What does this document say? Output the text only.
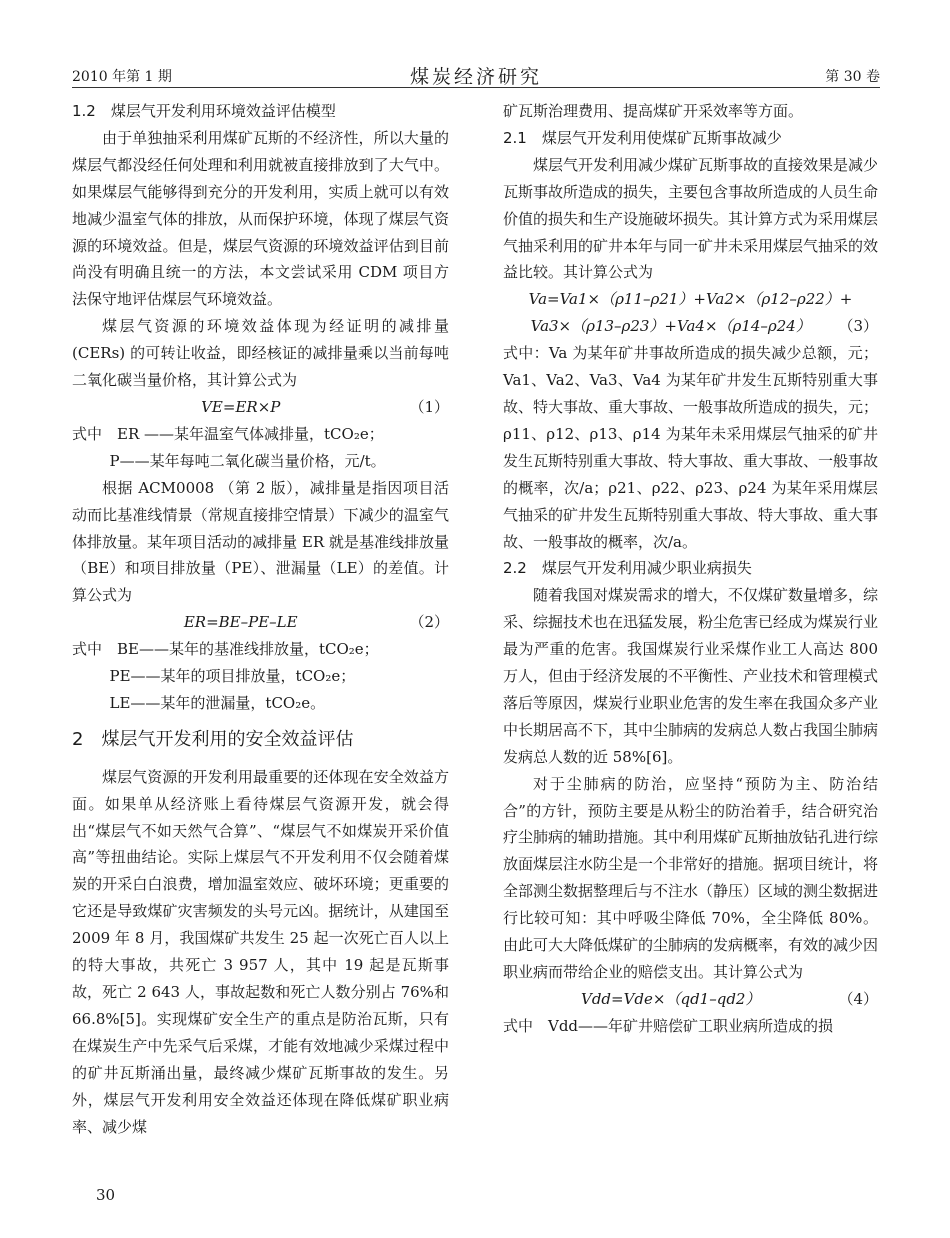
2010 年第 1 期	煤炭经济研究	第 30 卷
1.2　煤层气开发利用环境效益评估模型

由于单独抽采利用煤矿瓦斯的不经济性，所以大量的煤层气都没经任何处理和利用就被直接排放到了大气中。如果煤层气能够得到充分的开发利用，实质上就可以有效地减少温室气体的排放，从而保护环境，体现了煤层气资源的环境效益。但是，煤层气资源的环境效益评估到目前尚没有明确且统一的方法，本文尝试采用 CDM 项目方法保守地评估煤层气环境效益。

煤层气资源的环境效益体现为经证明的减排量 (CERs) 的可转让收益，即经核证的减排量乘以当前每吨二氧化碳当量价格，其计算公式为

VE=ER×P	（1）
式中　ER ——某年温室气体减排量，tCO₂e；
P——某年每吨二氧化碳当量价格，元/t。

根据 ACM0008 （第 2 版），减排量是指因项目活动而比基准线情景（常规直接排空情景）下减少的温室气体排放量。某年项目活动的减排量 ER 就是基准线排放量（BE）和项目排放量（PE）、泄漏量（LE）的差值。计算公式为

ER=BE–PE–LE	（2）
式中　BE——某年的基准线排放量，tCO₂e；
PE——某年的项目排放量，tCO₂e；
LE——某年的泄漏量，tCO₂e。
2　煤层气开发利用的安全效益评估

煤层气资源的开发利用最重要的还体现在安全效益方面。如果单从经济账上看待煤层气资源开发，就会得出“煤层气不如天然气合算”、“煤层气不如煤炭开采价值高”等扭曲结论。实际上煤层气不开发利用不仅会随着煤炭的开采白白浪费，增加温室效应、破坏环境；更重要的它还是导致煤矿灾害频发的头号元凶。据统计，从建国至 2009 年 8 月，我国煤矿共发生 25 起一次死亡百人以上的特大事故，共死亡 3 957 人，其中 19 起是瓦斯事故，死亡 2 643 人，事故起数和死亡人数分别占 76%和 66.8%[5]。实现煤矿安全生产的重点是防治瓦斯，只有在煤炭生产中先采气后采煤，才能有效地减少采煤过程中的矿井瓦斯涌出量，最终减少煤矿瓦斯事故的发生。另外，煤层气开发利用安全效益还体现在降低煤矿职业病率、减少煤

矿瓦斯治理费用、提高煤矿开采效率等方面。

2.1　煤层气开发利用使煤矿瓦斯事故减少

煤层气开发利用减少煤矿瓦斯事故的直接效果是减少瓦斯事故所造成的损失，主要包含事故所造成的人员生命价值的损失和生产设施破坏损失。其计算方式为采用煤层气抽采利用的矿井本年与同一矿井未采用煤层气抽采的效益比较。其计算公式为

Va=Va1×（ρ11–ρ21）+Va2×（ρ12–ρ22）+
Va3×（ρ13–ρ23）+Va4×（ρ14–ρ24）	（3）

式中：Va 为某年矿井事故所造成的损失减少总额，元；Va1、Va2、Va3、Va4 为某年矿井发生瓦斯特别重大事故、特大事故、重大事故、一般事故所造成的损失，元；ρ11、ρ12、ρ13、ρ14 为某年未采用煤层气抽采的矿井发生瓦斯特别重大事故、特大事故、重大事故、一般事故的概率，次/a；ρ21、ρ22、ρ23、ρ24 为某年采用煤层气抽采的矿井发生瓦斯特别重大事故、特大事故、重大事故、一般事故的概率，次/a。

2.2　煤层气开发利用减少职业病损失

随着我国对煤炭需求的增大，不仅煤矿数量增多，综采、综掘技术也在迅猛发展，粉尘危害已经成为煤炭行业最为严重的危害。我国煤炭行业采煤作业工人高达 800 万人，但由于经济发展的不平衡性、产业技术和管理模式落后等原因，煤炭行业职业危害的发生率在我国众多产业中长期居高不下，其中尘肺病的发病总人数占我国尘肺病发病总人数的近 58%[6]。

对于尘肺病的防治，应坚持“预防为主、防治结合”的方针，预防主要是从粉尘的防治着手，结合研究治疗尘肺病的辅助措施。其中利用煤矿瓦斯抽放钻孔进行综放面煤层注水防尘是一个非常好的措施。据项目统计，将全部测尘数据整理后与不注水（静压）区域的测尘数据进行比较可知：其中呼吸尘降低 70%，全尘降低 80%。由此可大大降低煤矿的尘肺病的发病概率，有效的减少因职业病而带给企业的赔偿支出。其计算公式为

Vdd=Vde×（qd1–qd2）	（4）
式中　Vdd——年矿井赔偿矿工职业病所造成的损
30
